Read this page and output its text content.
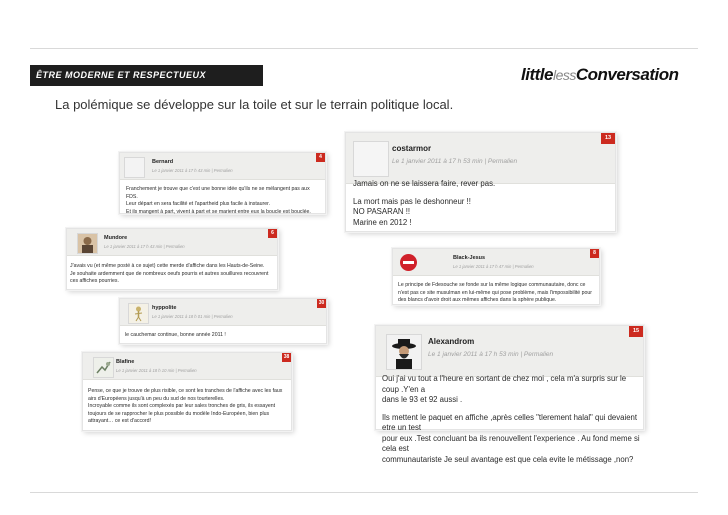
ÊTRE MODERNE ET RESPECTUEUX	littlelessConversation
La polémique se développe sur la toile et sur le terrain politique local.
4
Bernard
Le 1 janvier 2011 à 17 h 43 min | Permalien

Franchement je trouve que c'est une bonne idée qu'ils ne se mélangent pas aux FDS.

Leur départ en sera facilité et l'apartheid plus facile à instaurer.

Et ils mangent à part, vivent à part et se marient entre eux la boucle est bouclée.

6
Mundore
Le 1 janvier 2011 à 17 h 43 min | Permalien

J'avais vu (et même posté à ce sujet) cette merde d'affiche dans les Hauts-de-Seine.

Je souhaite ardemment que de nombreux oeufs pourris et autres souillures recouvrent

ces affiches pourries.

30
hyppolite
Le 1 janvier 2011 à 18 h 01 min | Permalien

le cauchemar continue, bonne année 2011 !

38
Blafine
Le 1 janvier 2011 à 18 h 10 min | Permalien

Pense, ce que je trouve de plus risible, ce sont les tranches de l'affiche avec les faux

airs d'Européens jusqu'à un peu du sud de nos tourterelles.

Incroyable comme ils sont complexés par leur sales tronches de gris, ils essayent

toujours de se rapprocher le plus possible du modèle Indo-Européen, bien plus

attrayant… ce est d'accord!

13
costarmor
Le 1 janvier 2011 à 17 h 53 min | Permalien

Jamais on ne se laissera faire, rever pas.

La mort mais pas le deshonneur !!
NO PASARAN !!
Marine en 2012 !

8
Black-Jesus
Le 1 janvier 2011 à 17 h 47 min | Permalien

Le principe de Fdesouche se fonde sur la même logique communautaire, donc ce

n'est pas ce site musulman en lui-même qui pose problème, mais l'impossibilité pour

des blancs d'avoir droit aux mêmes affiches dans la sphère publique.

15
Alexandrom
Le 1 janvier 2011 à 17 h 53 min | Permalien

Oui j'ai vu tout a l'heure en sortant de chez moi , cela m'a surpris sur le coup .Y'en a
dans le 93 et 92 aussi .

Ils mettent le paquet en affiche ,après celles "tlerement halal" qui devaient etre un test
pour eux .Test concluant ba ils renouvellent l'experience . Au fond meme si cela est
communautariste Je seul avantage est que cela evite le métissage ,non?
